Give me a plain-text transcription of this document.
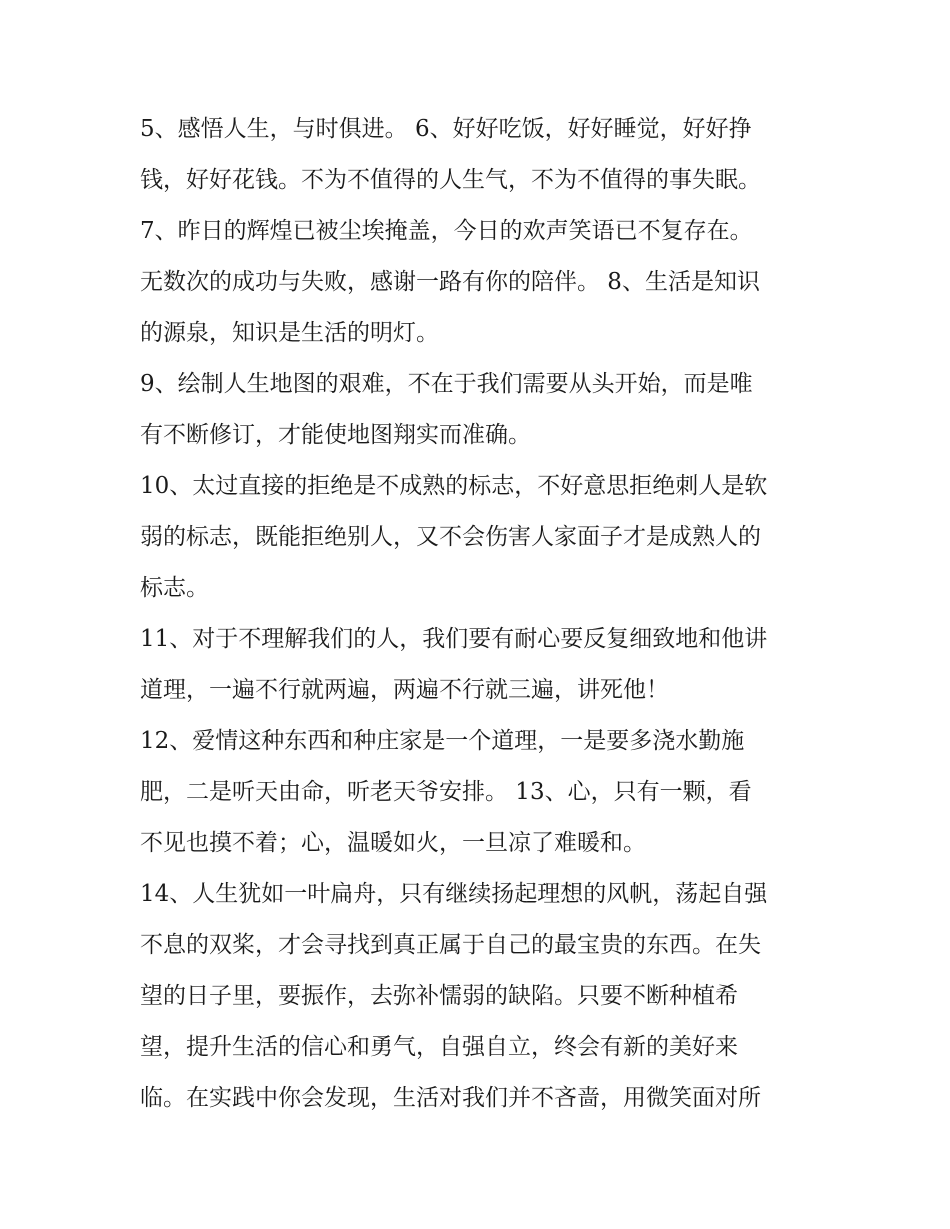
5、感悟人生，与时俱进。 6、好好吃饭，好好睡觉，好好挣
钱，好好花钱。不为不值得的人生气，不为不值得的事失眠。
7、昨日的辉煌已被尘埃掩盖，今日的欢声笑语已不复存在。
无数次的成功与失败，感谢一路有你的陪伴。 8、生活是知识
的源泉，知识是生活的明灯。
9、绘制人生地图的艰难，不在于我们需要从头开始，而是唯
有不断修订，才能使地图翔实而准确。
10、太过直接的拒绝是不成熟的标志，不好意思拒绝刺人是软
弱的标志，既能拒绝别人，又不会伤害人家面子才是成熟人的
标志。
11、对于不理解我们的人，我们要有耐心要反复细致地和他讲
道理，一遍不行就两遍，两遍不行就三遍，讲死他！
12、爱情这种东西和种庄家是一个道理，一是要多浇水勤施
肥，二是听天由命，听老天爷安排。 13、心，只有一颗，看
不见也摸不着；心，温暖如火，一旦凉了难暖和。
14、人生犹如一叶扁舟，只有继续扬起理想的风帆，荡起自强
不息的双桨，才会寻找到真正属于自己的最宝贵的东西。在失
望的日子里，要振作，去弥补懦弱的缺陷。只要不断种植希
望，提升生活的信心和勇气，自强自立，终会有新的美好来
临。在实践中你会发现，生活对我们并不吝啬，用微笑面对所
